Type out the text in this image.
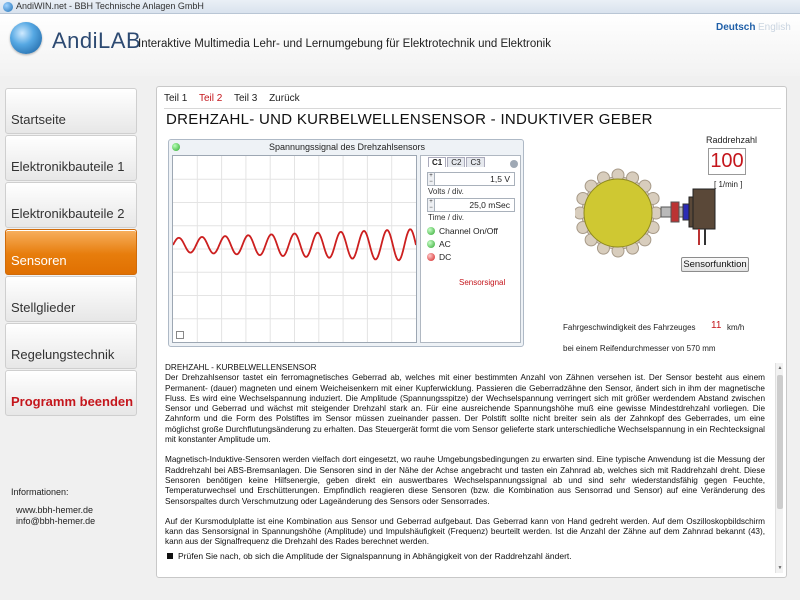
AndiWIN.net - BBH Technische Anlagen GmbH
AndiLAB
Interaktive Multimedia Lehr- und Lernumgebung für Elektrotechnik und Elektronik
Deutsch English
Startseite
Elektronikbauteile 1
Elektronikbauteile 2
Sensoren
Stellglieder
Regelungstechnik
Programm beenden
Informationen:
www.bbh-hemer.de
info@bbh-hemer.de
Teil 1 Teil 2 Teil 3 Zurück
DREHZAHL- UND KURBELWELLENSENSOR - INDUKTIVER GEBER
Spannungssignal des Drehzahlsensors
C1 C2 C3
+
−	1,5 V
Volts / div.
+
−	25,0 mSec
Time / div.
Channel On/Off
AC
DC
Sensorsignal
Raddrehzahl
100
[ 1/min ]
Sensorfunktion
Fahrgeschwindigkeit des Fahrzeuges 11 km/h
bei einem Reifendurchmesser von 570 mm

DREHZAHL - KURBELWELLENSENSOR

Der Drehzahlsensor tastet ein ferromagnetisches Geberrad ab, welches mit einer bestimmten Anzahl von Zähnen versehen ist. Der Sensor besteht aus einem Permanent- (dauer) magneten und einem Weicheisenkern mit einer Kupferwicklung. Passieren die Geberradzähne den Sensor, ändert sich in ihm der magnetische Fluss. Es wird eine Wechselspannung induziert. Die Amplitude (Spannungsspitze) der Wechselspannung verringert sich mit größer werdendem Abstand zwischen Sensor und Geberrad und wächst mit steigender Drehzahl stark an. Für eine ausreichende Spannungshöhe muß eine gewisse Mindestdrehzahl vorliegen. Die Zahnform und die Form des Polstiftes im Sensor müssen zueinander passen. Der Polstift sollte nicht breiter sein als der Zahnkopf des Geberrades, um eine möglichst große Durchflutungsänderung zu erhalten. Das Steuergerät formt die vom Sensor gelieferte stark unterschiedliche Wechselspannung in ein Rechtecksignal mit konstanter Amplitude um.

Magnetisch-Induktive-Sensoren werden vielfach dort eingesetzt, wo rauhe Umgebungsbedingungen zu erwarten sind. Eine typische Anwendung ist die Messung der Raddrehzahl bei ABS-Bremsanlagen. Die Sensoren sind in der Nähe der Achse angebracht und tasten ein Zahnrad ab, welches sich mit Raddrehzahl dreht. Diese Sensoren benötigen keine Hilfsenergie, geben direkt ein auswertbares Wechselspannungssignal ab und sind sehr wiederstandsfähig gegen Feuchte, Temperaturwechsel und Erschütterungen. Empfindlich reagieren diese Sensoren (bzw. die Kombination aus Sensorrad und Sensor) auf eine Veränderung des Sensorspaltes durch Verschmutzung oder Lageänderung des Sensors oder Sensorrades.

Auf der Kursmodulplatte ist eine Kombination aus Sensor und Geberrad aufgebaut. Das Geberrad kann von Hand gedreht werden. Auf dem Oszilloskopbildschirm kann das Sensorsignal in Spannungshöhe (Amplitude) und Impulshäufigkeit (Frequenz) beurteilt werden. Ist die Anzahl der Zähne auf dem Zahnrad bekannt (43), kann aus der Signalfrequenz die Drehzahl des Rades berechnet werden.

Prüfen Sie nach, ob sich die Amplitude der Signalspannung in Abhängigkeit von der Raddrehzahl ändert.
▲
▼
